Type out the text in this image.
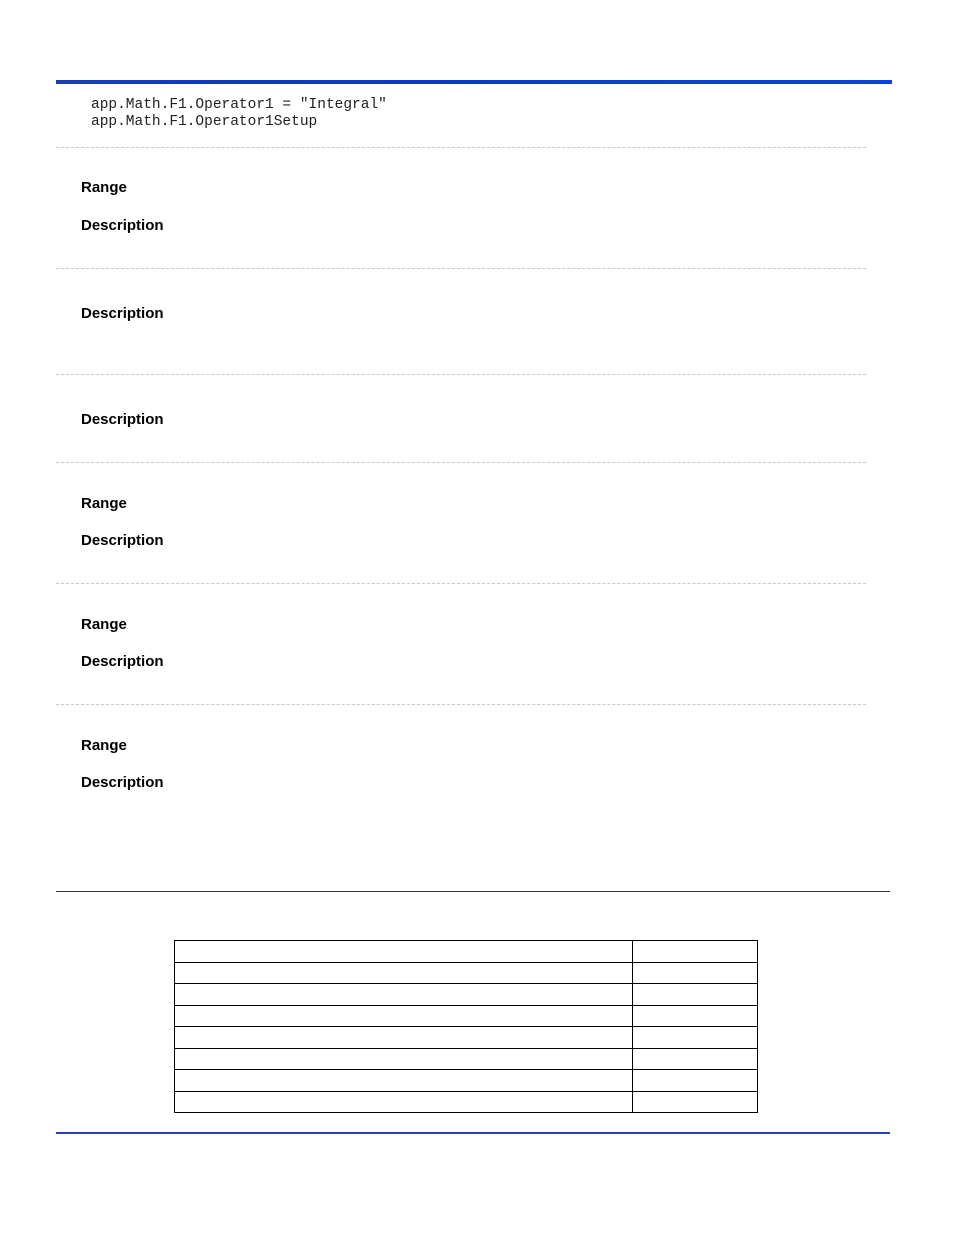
app.Math.F1.Operator1 = "Integral"
app.Math.F1.Operator1Setup
Range
Description
Description
Description
Range
Description
Range
Description
Range
Description
